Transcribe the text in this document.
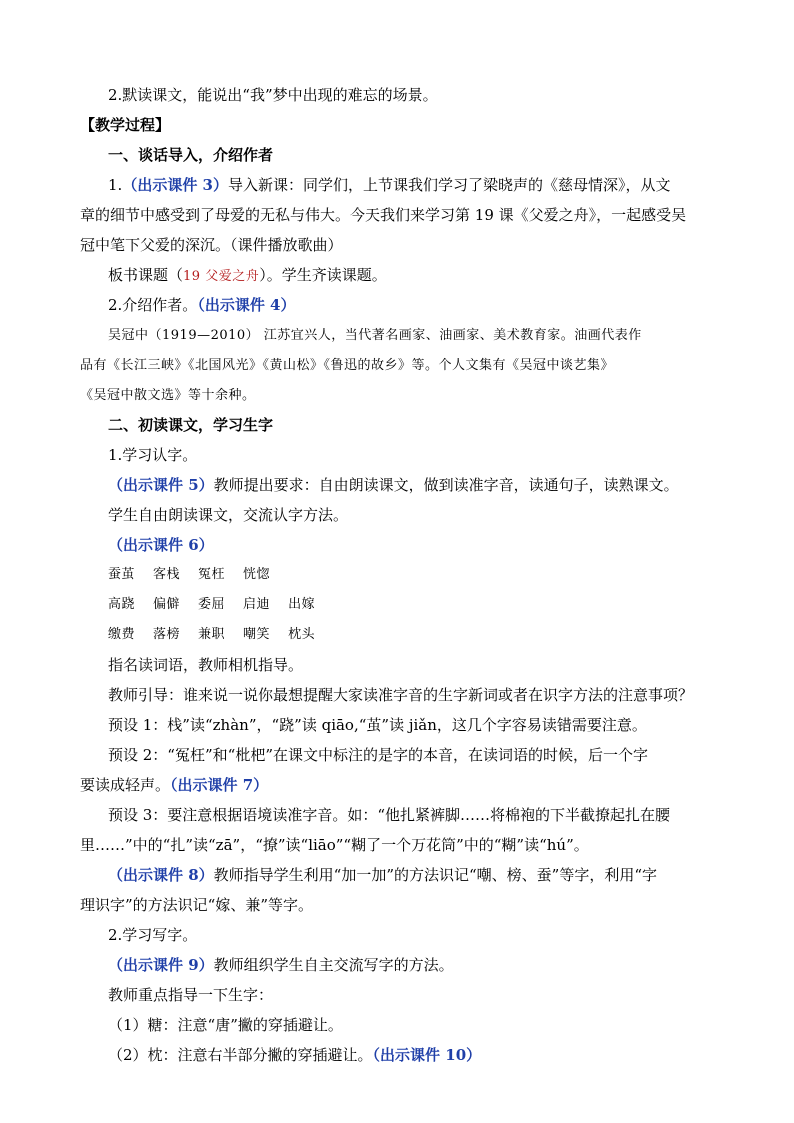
2.默读课文，能说出“我”梦中出现的难忘的场景。
【教学过程】
一、谈话导入，介绍作者
1.（出示课件 3）导入新课：同学们，上节课我们学习了梁晓声的《慈母情深》，从文
章的细节中感受到了母爱的无私与伟大。今天我们来学习第 19 课《父爱之舟》，一起感受吴
冠中笔下父爱的深沉。（课件播放歌曲）
板书课题（19 父爱之舟）。学生齐读课题。
2.介绍作者。（出示课件 4）
吴冠中（1919—2010） 江苏宜兴人，当代著名画家、油画家、美术教育家。油画代表作
品有《长江三峡》《北国风光》《黄山松》《鲁迅的故乡》等。个人文集有《吴冠中谈艺集》
《吴冠中散文选》等十余种。
二、初读课文，学习生字
1.学习认字。
（出示课件 5）教师提出要求：自由朗读课文，做到读准字音，读通句子，读熟课文。
学生自由朗读课文，交流认字方法。
（出示课件 6）
蚕茧 客栈 冤枉 恍惚
高跷 偏僻 委屈 启迪 出嫁
缴费 落榜 兼职 嘲笑 枕头
指名读词语，教师相机指导。
教师引导：谁来说一说你最想提醒大家读准字音的生字新词或者在识字方法的注意事项？
预设 1：栈”读“zhàn”，“跷”读 qiāo,“茧”读 jiǎn，这几个字容易读错需要注意。
预设 2：“冤枉”和“枇杷”在课文中标注的是字的本音，在读词语的时候，后一个字
要读成轻声。（出示课件 7）
预设 3：要注意根据语境读准字音。如：“他扎紧裤脚……将棉袍的下半截撩起扎在腰
里……”中的“扎”读“zā”，“撩”读“liāo”“糊了一个万花筒”中的“糊”读“hú”。
（出示课件 8）教师指导学生利用“加一加”的方法识记“嘲、榜、蚕”等字，利用“字
理识字”的方法识记“嫁、兼”等字。
2.学习写字。
（出示课件 9）教师组织学生自主交流写字的方法。
教师重点指导一下生字：
（1）糖：注意“唐”撇的穿插避让。
（2）枕：注意右半部分撇的穿插避让。（出示课件 10）
